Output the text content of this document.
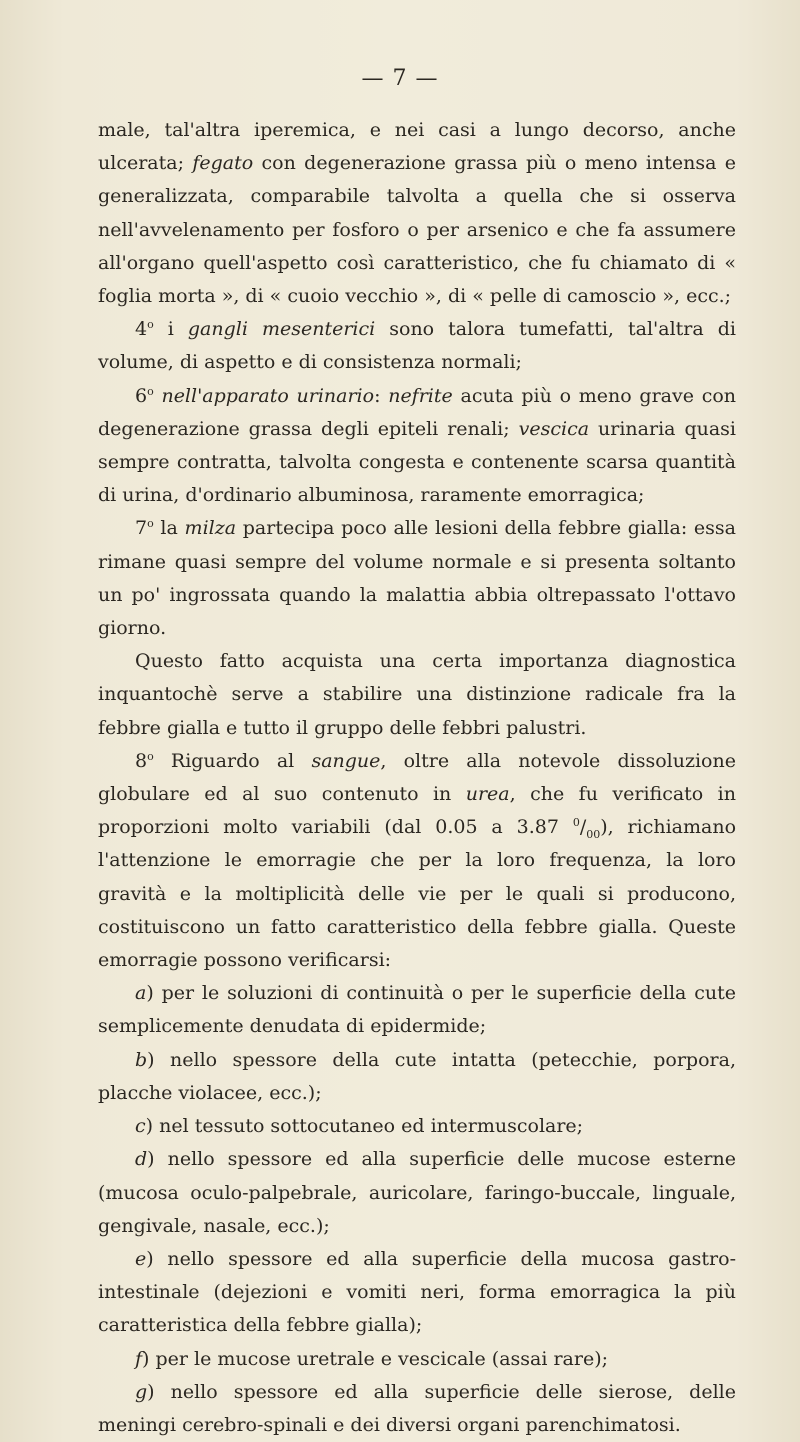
— 7 —

male, tal'altra iperemica, e nei casi a lungo decorso, anche ulcerata; fegato con degenerazione grassa più o meno intensa e generalizzata, comparabile talvolta a quella che si osserva nell'avvelenamento per fosforo o per arsenico e che fa assumere all'organo quell'aspetto così caratteristico, che fu chiamato di « foglia morta », di « cuoio vecchio », di « pelle di camoscio », ecc.;

4$^o$ i gangli mesenterici sono talora tumefatti, tal'altra di volume, di aspetto e di consistenza normali;

6$^o$ nell'apparato urinario: nefrite acuta più o meno grave con degenerazione grassa degli epiteli renali; vescica urinaria quasi sempre contratta, talvolta congesta e contenente scarsa quantità di urina, d'ordinario albuminosa, raramente emorragica;

7$^o$ la milza partecipa poco alle lesioni della febbre gialla: essa rimane quasi sempre del volume normale e si presenta soltanto un po' ingrossata quando la malattia abbia oltrepassato l'ottavo giorno.

Questo fatto acquista una certa importanza diagnostica inquantochè serve a stabilire una distinzione radicale fra la febbre gialla e tutto il gruppo delle febbri palustri.

8$^o$ Riguardo al sangue, oltre alla notevole dissoluzione globulare ed al suo contenuto in urea, che fu verificato in proporzioni molto variabili (dal 0.05 a 3.87 $^0/_{00}$), richiamano l'attenzione le emorragie che per la loro frequenza, la loro gravità e la moltiplicità delle vie per le quali si producono, costituiscono un fatto caratteristico della febbre gialla. Queste emorragie possono verificarsi:

a) per le soluzioni di continuità o per le superficie della cute semplicemente denudata di epidermide;

b) nello spessore della cute intatta (petecchie, porpora, placche violacee, ecc.);

c) nel tessuto sottocutaneo ed intermuscolare;

d) nello spessore ed alla superficie delle mucose esterne (mucosa oculo-palpebrale, auricolare, faringo-buccale, linguale, gengivale, nasale, ecc.);

e) nello spessore ed alla superficie della mucosa gastro-intestinale (dejezioni e vomiti neri, forma emorragica la più caratteristica della febbre gialla);

f) per le mucose uretrale e vescicale (assai rare);

g) nello spessore ed alla superficie delle sierose, delle meningi cerebro-spinali e dei diversi organi parenchimatosi.
